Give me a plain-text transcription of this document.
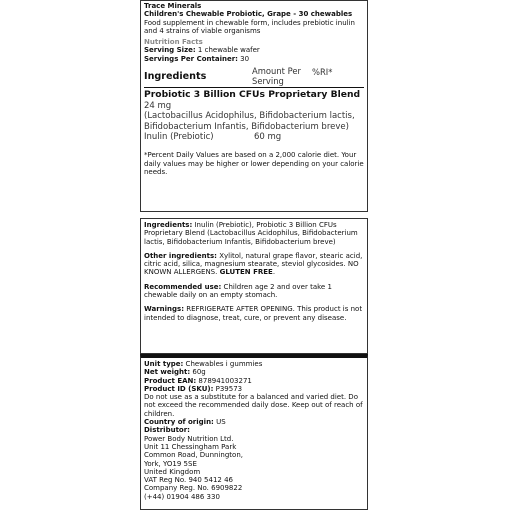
Trace Minerals
Children's Chewable Probiotic, Grape - 30 chewables
Food supplement in chewable form, includes prebiotic inulin and 4 strains of viable organisms
Nutrition Facts
Serving Size: 1 chewable wafer
Servings Per Container: 30
Ingredients	Amount Per Serving
%RI*
Probiotic 3 Billion CFUs Proprietary Blend
24 mg
(Lactobacillus Acidophilus, Bifidobacterium lactis, Bifidobacterium Infantis, Bifidobacterium breve)
Inulin (Prebiotic)	60 mg
*Percent Daily Values are based on a 2,000 calorie diet. Your daily values may be higher or lower depending on your calorie needs.
Ingredients: Inulin (Prebiotic), Probiotic 3 Billion CFUs Proprietary Blend (Lactobacillus Acidophilus, Bifidobacterium lactis, Bifidobacterium Infantis, Bifidobacterium breve)
Other ingredients: Xylitol, natural grape flavor, stearic acid, citric acid, silica, magnesium stearate, steviol glycosides. NO KNOWN ALLERGENS. GLUTEN FREE.
Recommended use: Children age 2 and over take 1 chewable daily on an empty stomach.
Warnings: REFRIGERATE AFTER OPENING. This product is not intended to diagnose, treat, cure, or prevent any disease.
Unit type: Chewables i gummies
Net weight: 60g
Product EAN: 878941003271
Product ID (SKU): P39573
Do not use as a substitute for a balanced and varied diet. Do not exceed the recommended daily dose. Keep out of reach of children.
Country of origin: US
Distributor:
Power Body Nutrition Ltd.
Unit 11 Chessingham Park
Common Road, Dunnington,
York, YO19 5SE
United Kingdom
VAT Reg No. 940 5412 46
Company Reg. No. 6909822
(+44) 01904 486 330
